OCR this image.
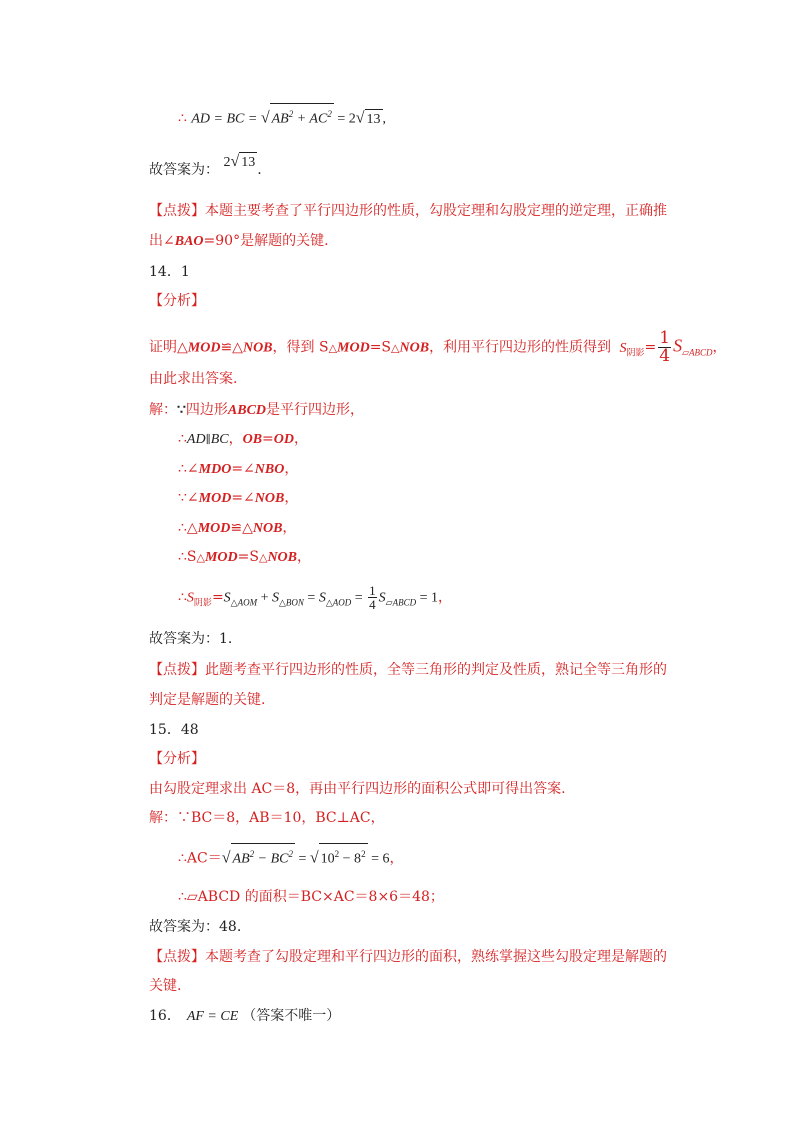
∴ AD = BC = √ $AB^2 + AC^2 = 2√$ 13 ,
故答案为： 2√ 13 .
【点拨】本题主要考查了平行四边形的性质，勾股定理和勾股定理的逆定理，正确推
出∠BAO=90°是解题的关键.
14．1
【分析】
证明△MOD≌△NOB，得到 S△MOD=S△NOB，利用平行四边形的性质得到 $S_{阴影}= \frac{1}{4} S_{▱ABCD}$，
由此求出答案.
解：∵四边形ABCD是平行四边形，
∴AD∥BC，OB=OD，
∴∠MDO=∠NBO，
∵∠MOD=∠NOB，
∴△MOD≌△NOB，
∴S△MOD=S△NOB，
$\therefore S_{阴影}=S_{\triangle AOM} + S_{\triangle BON} = S_{\triangle AOD} = \frac{1}{4} S_{▱ABCD} = 1$，
故答案为：1.
【点拨】此题考查平行四边形的性质，全等三角形的判定及性质，熟记全等三角形的
判定是解题的关键.
15．48
【分析】
由勾股定理求出 AC＝8，再由平行四边形的面积公式即可得出答案.
解：∵BC＝8，AB＝10，BC⊥AC，
∴AC＝√ $AB^2 - BC^2$ = √ $10^2 - 8^2 = 6$，
∴▱ABCD 的面积＝BC×AC＝8×6＝48；
故答案为：48.
【点拨】本题考查了勾股定理和平行四边形的面积，熟练掌握这些勾股定理是解题的
关键.
16． AF = CE （答案不唯一）
